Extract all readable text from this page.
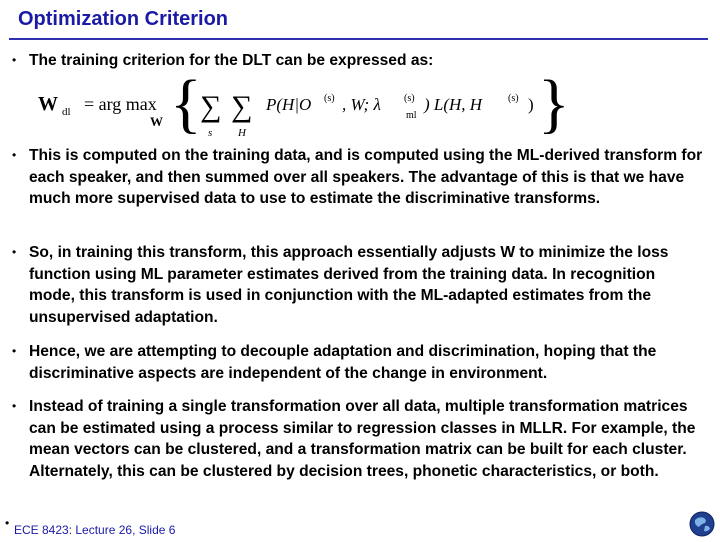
Optimization Criterion
• The training criterion for the DLT can be expressed as:
W dl = arg max
W {
∑
s
∑
H
P(H|O (s) , W; λ (s)
ml
) L(H, H	(s) ) }
• This is computed on the training data, and is computed using the ML-derived transform for each speaker, and then summed over all speakers. The advantage of this is that we have much more supervised data to use to estimate the discriminative transforms.
• So, in training this transform, this approach essentially adjusts W to minimize the loss function using ML parameter estimates derived from the training data. In recognition mode, this transform is used in conjunction with the ML-adapted estimates from the unsupervised adaptation.
• Hence, we are attempting to decouple adaptation and discrimination, hoping that the discriminative aspects are independent of the change in environment.
• Instead of training a single transformation over all data, multiple transformation matrices can be estimated using a process similar to regression classes in MLLR. For example, the mean vectors can be clustered, and a transformation matrix can be built for each cluster. Alternately, this can be clustered by decision trees, phonetic characteristics, or both.
• ECE 8423: Lecture 26, Slide 6
